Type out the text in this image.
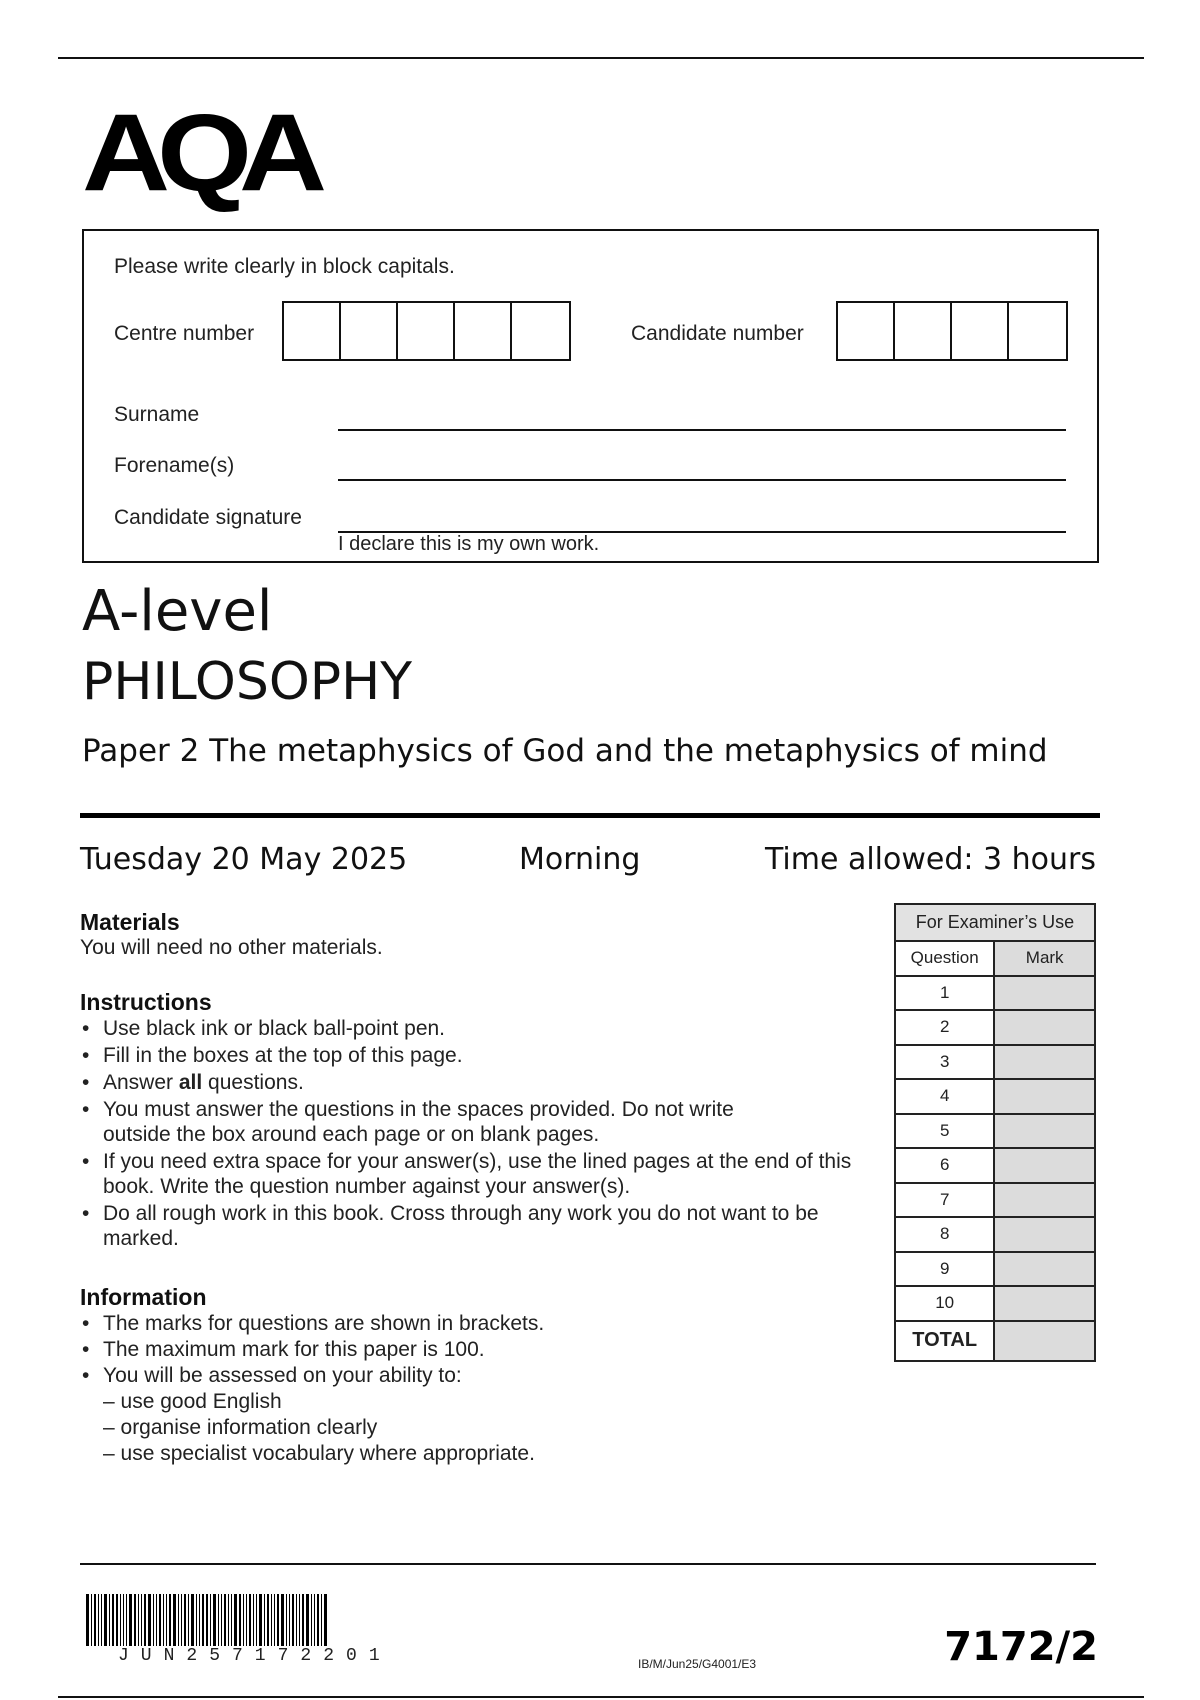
AQA
Please write clearly in block capitals.
Centre number	Candidate number
Surname
Forename(s)
Candidate signature
I declare this is my own work.
A-level
PHILOSOPHY
Paper 2 The metaphysics of God and the metaphysics of mind
Tuesday 20 May 2025	Morning	Time allowed: 3 hours
Materials
You will need no other materials.
Instructions
• Use black ink or black ball-point pen.
• Fill in the boxes at the top of this page.
• Answer all questions.
• You must answer the questions in the spaces provided. Do not write outside the box around each page or on blank pages.
• If you need extra space for your answer(s), use the lined pages at the end of this book. Write the question number against your answer(s).
• Do all rough work in this book. Cross through any work you do not want to be marked.
Information
• The marks for questions are shown in brackets.
• The maximum mark for this paper is 100.
• You will be assessed on your ability to:
– use good English
– organise information clearly
– use specialist vocabulary where appropriate.
For Examiner’s Use	
Question	Mark
1	
2	
3	
4	
5	
6	
7	
8	
9	
10	
TOTAL	
JUN257172201	IB/M/Jun25/G4001/E3	7172/2
